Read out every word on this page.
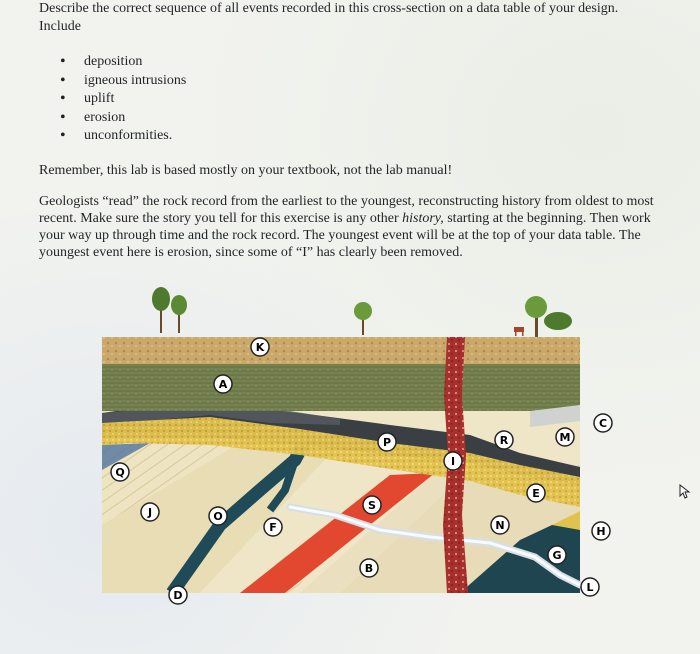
Describe the correct sequence of all events recorded in this cross-section on a data table of your design.
Include

• deposition
• igneous intrusions
• uplift
• erosion
• unconformities.

Remember, this lab is based mostly on your textbook, not the lab manual!

Geologists “read” the rock record from the earliest to the youngest, reconstructing history from oldest to most recent. Make sure the story you tell for this exercise is any other history, starting at the beginning. Then work your way up through time and the rock record. The youngest event will be at the top of your data table. The youngest event here is erosion, since some of “I” has clearly been removed.

K
A
C
M
R
P
I
Q
J	O
F
S
B
E
N
G
H
L
D
